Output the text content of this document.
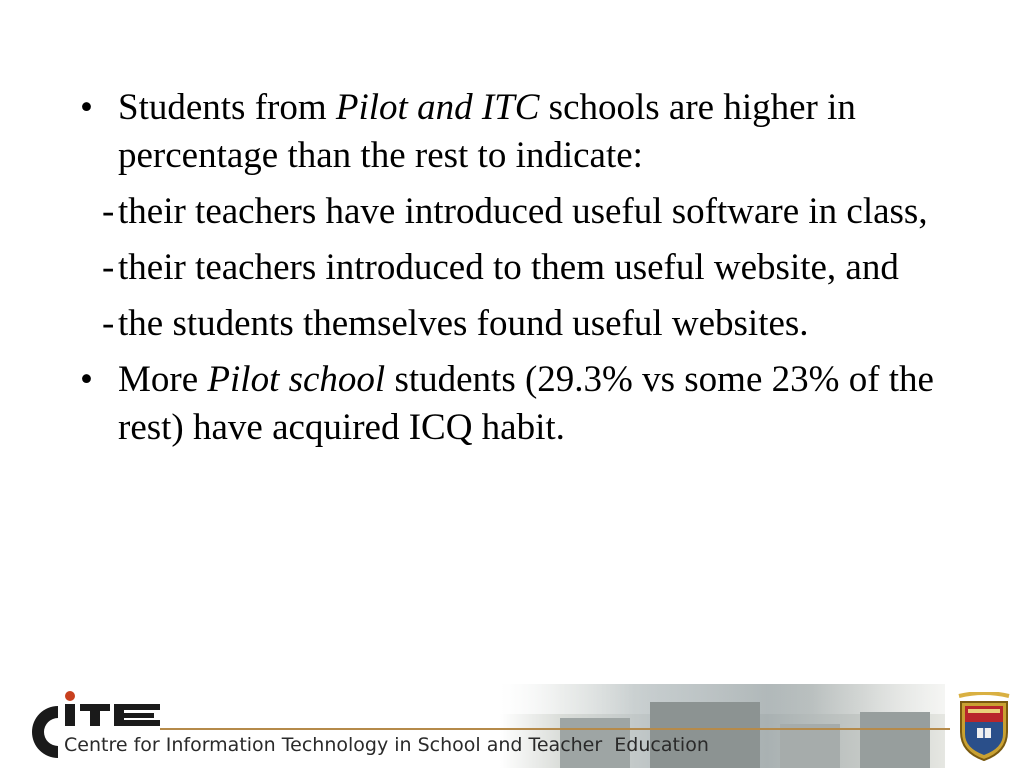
• Students from Pilot and ITC schools are higher in percentage than the rest to indicate:
- their teachers have introduced useful software in class,
- their teachers introduced to them useful website, and
- the students themselves found useful websites.
• More Pilot school students (29.3% vs some 23% of the rest) have acquired ICQ habit.
Centre for Information Technology in School and Teacher  Education
